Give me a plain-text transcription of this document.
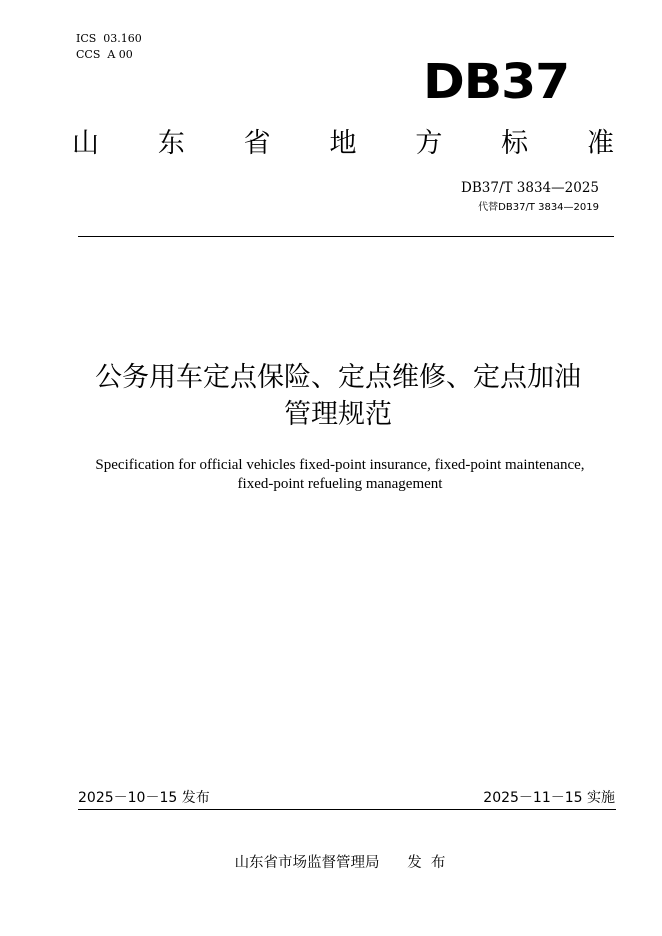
ICS  03.160
CCS  A 00	DB37
山 东 省 地 方 标 准
DB37/T 3834—2025
代替DB37/T 3834—2019
公务用车定点保险、定点维修、定点加油
管理规范
Specification for official vehicles fixed-point insurance, fixed-point maintenance,
fixed-point refueling management
2025－10－15 发布	2025－11－15 实施
山东省市场监督管理局 发  布
